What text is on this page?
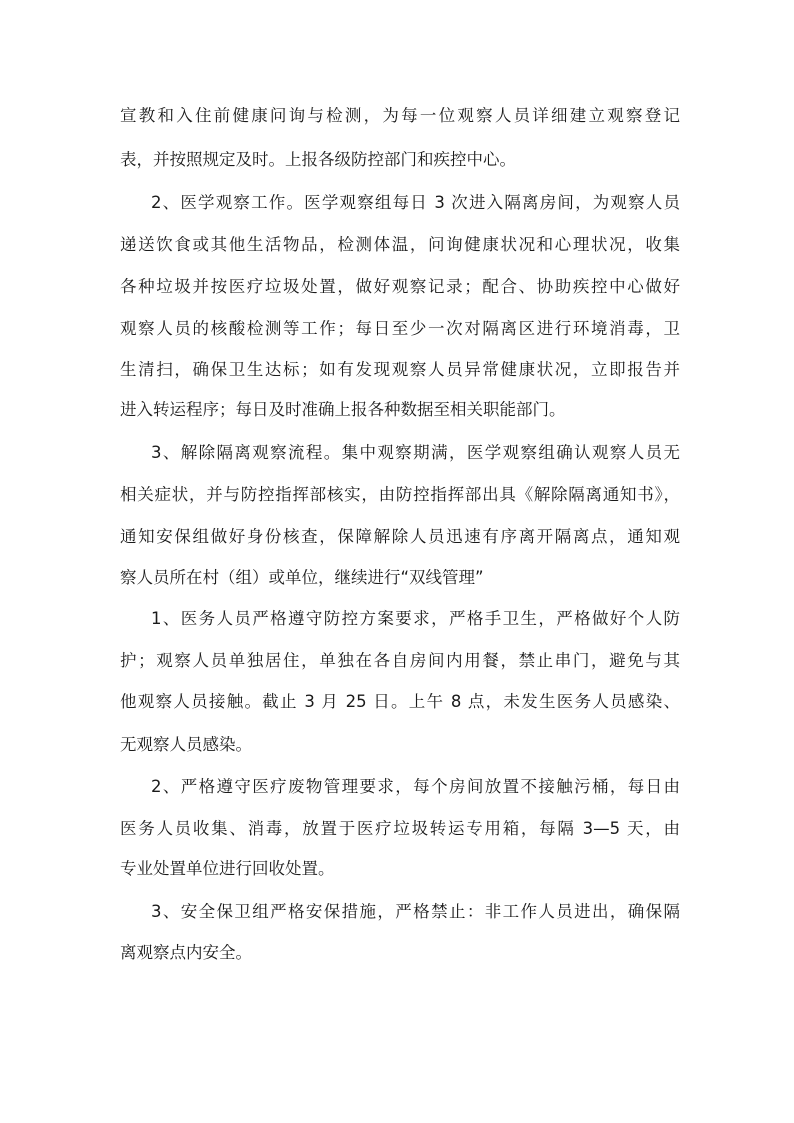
宣教和入住前健康问询与检测，为每一位观察人员详细建立观察登记
表，并按照规定及时。上报各级防控部门和疾控中心。
2、医学观察工作。医学观察组每日 3 次进入隔离房间，为观察人员
递送饮食或其他生活物品，检测体温，问询健康状况和心理状况，收集
各种垃圾并按医疗垃圾处置，做好观察记录；配合、协助疾控中心做好
观察人员的核酸检测等工作；每日至少一次对隔离区进行环境消毒，卫
生清扫，确保卫生达标；如有发现观察人员异常健康状况，立即报告并
进入转运程序；每日及时准确上报各种数据至相关职能部门。
3、解除隔离观察流程。集中观察期满，医学观察组确认观察人员无
相关症状，并与防控指挥部核实，由防控指挥部出具《解除隔离通知书》，
通知安保组做好身份核查，保障解除人员迅速有序离开隔离点，通知观
察人员所在村（组）或单位，继续进行“双线管理”
1、医务人员严格遵守防控方案要求，严格手卫生，严格做好个人防
护；观察人员单独居住，单独在各自房间内用餐，禁止串门，避免与其
他观察人员接触。截止 3 月 25 日。上午 8 点，未发生医务人员感染、
无观察人员感染。
2、严格遵守医疗废物管理要求，每个房间放置不接触污桶，每日由
医务人员收集、消毒，放置于医疗垃圾转运专用箱，每隔 3—5 天，由
专业处置单位进行回收处置。
3、安全保卫组严格安保措施，严格禁止：非工作人员进出，确保隔
离观察点内安全。
